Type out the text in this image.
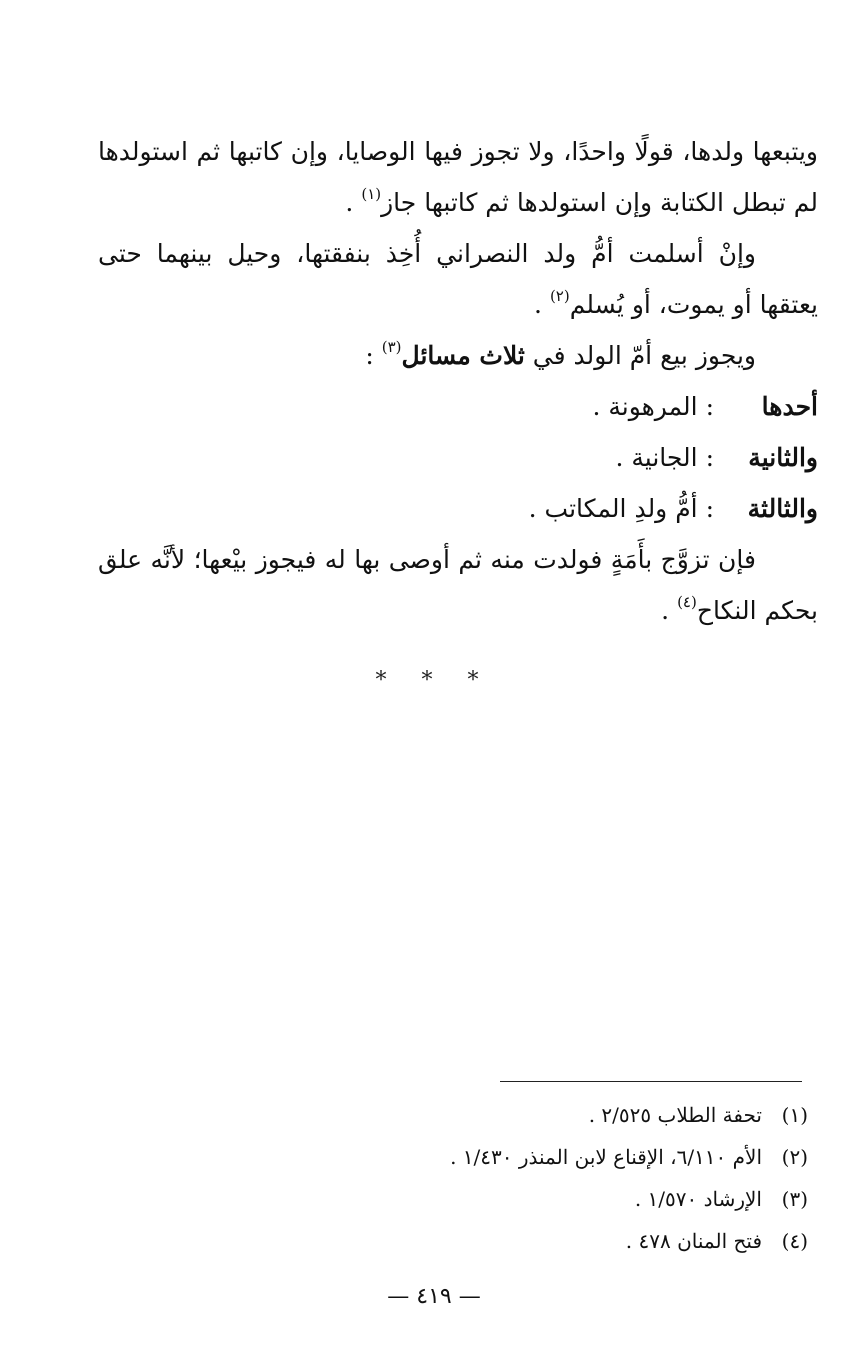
ويتبعها ولدها، قولًا واحدًا، ولا تجوز فيها الوصايا، وإن كاتبها ثم استولدها

لم تبطل الكتابة وإن استولدها ثم كاتبها جاز$^{(١)}$ .

وإنْ أسلمت أمُّ ولد النصراني أُخِذ بنفقتها، وحيل بينهما حتى يعتقها أو يموت، أو يُسلم$^{(٢)}$ .

ويجوز بيع أمّ الولد في ثلاث مسائل$^{(٣)}$ :

أحدها
: المرهونة .
والثانية
: الجانية .
والثالثة
: أمُّ ولدِ المكاتب .

فإن تزوَّج بأَمَةٍ فولدت منه ثم أوصى بها له فيجوز بيْعها؛ لأنَّه علق بحكم النكاح$^{(٤)}$ .

* * *
(١)
تحفة الطلاب ٢/٥٢٥ .
(٢)
الأم ٦/١١٠، الإقناع لابن المنذر ١/٤٣٠ .
(٣)
الإرشاد ١/٥٧٠ .
(٤)
فتح المنان ٤٧٨ .
— ٤١٩ —
